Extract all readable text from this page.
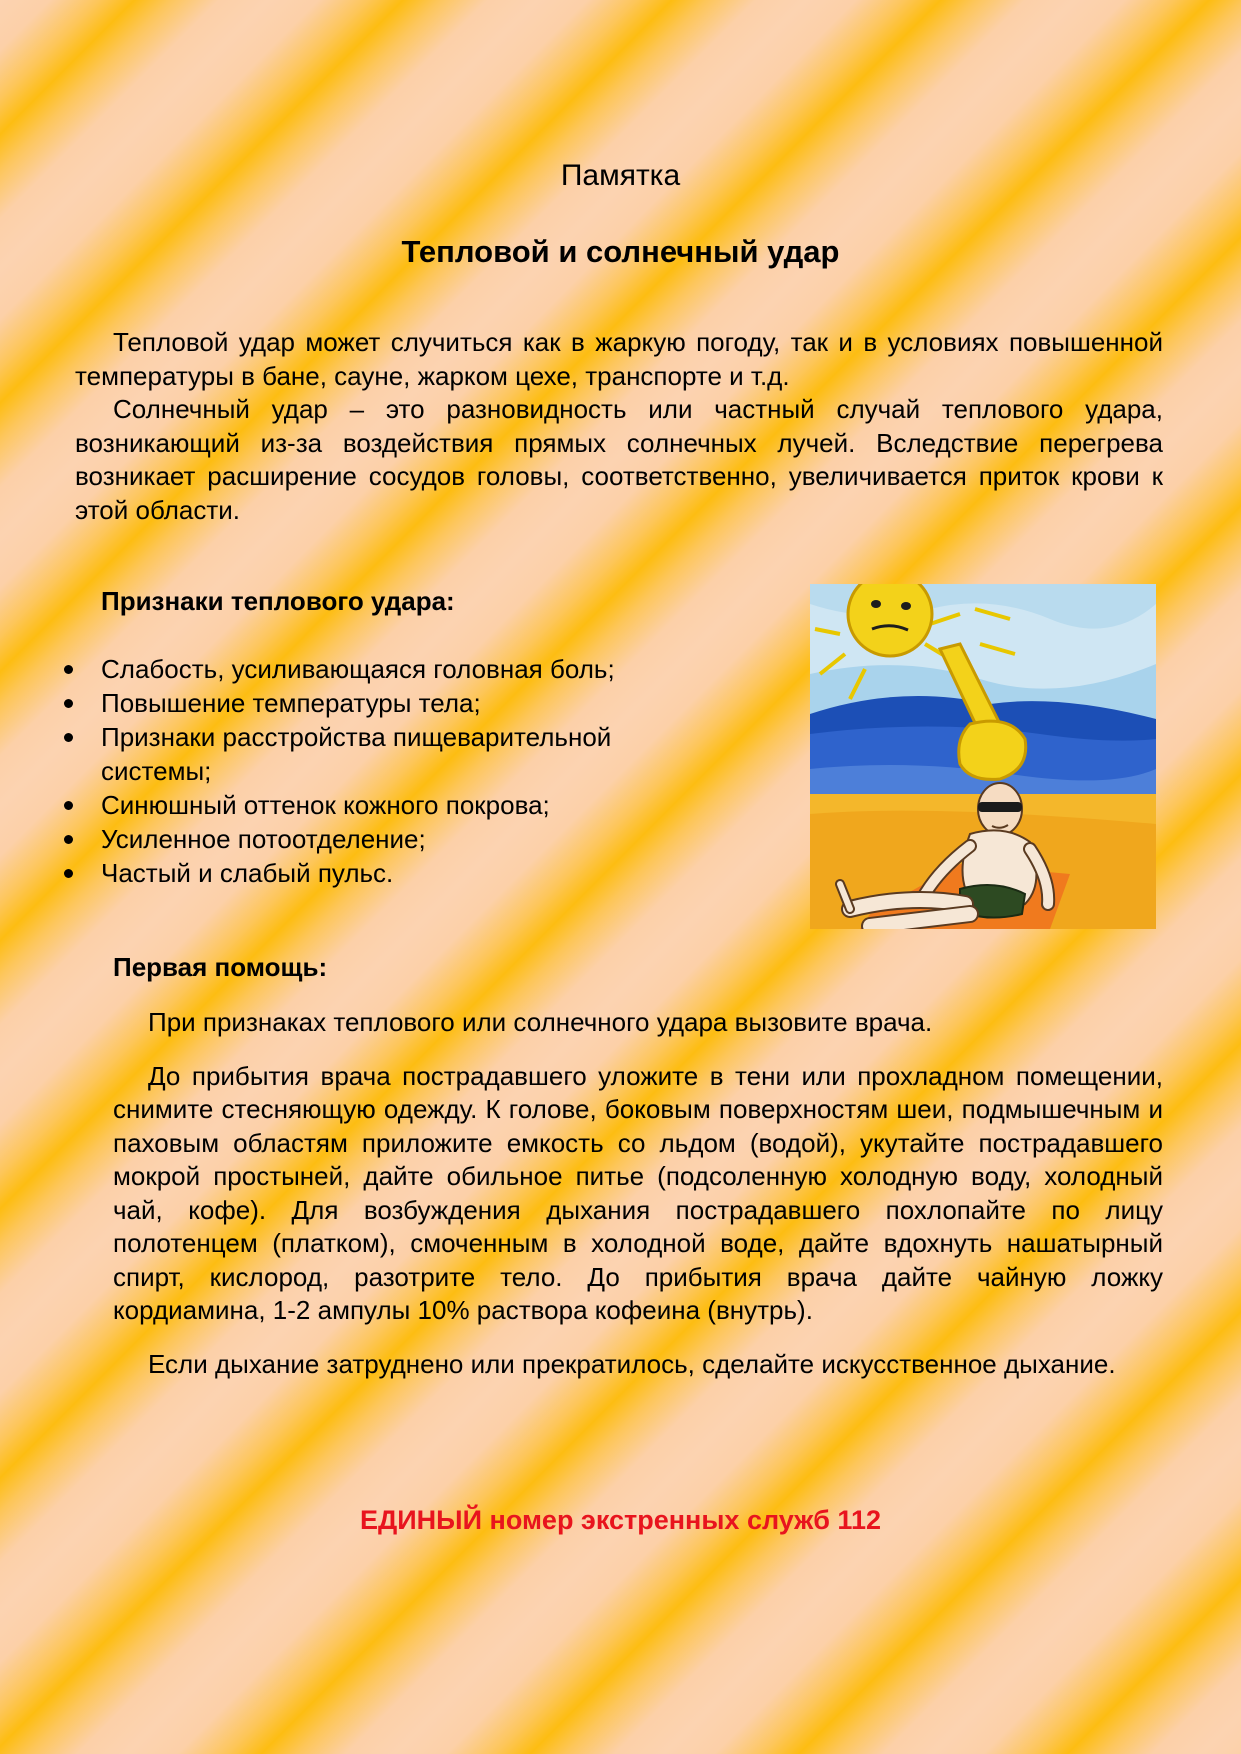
Памятка
Тепловой и солнечный удар

Тепловой удар может случиться как в жаркую погоду, так и в условиях повышенной температуры в бане, сауне, жарком цехе, транспорте и т.д.

Солнечный удар – это разновидность или частный случай теплового удара, возникающий из-за воздействия прямых солнечных лучей. Вследствие перегрева возникает расширение сосудов головы, соответственно, увеличивается приток крови к этой области.

Признаки теплового удара:
Слабость, усиливающаяся головная боль;
Повышение температуры тела;
Признаки расстройства пищеварительной системы;
Синюшный оттенок кожного покрова;
Усиленное потоотделение;
Частый и слабый пульс.
Первая помощь:

При признаках теплового или солнечного удара вызовите врача.

До прибытия врача пострадавшего уложите в тени или прохладном помещении, снимите стесняющую одежду. К голове, боковым поверхностям шеи, подмышечным и паховым областям приложите емкость со льдом (водой), укутайте пострадавшего мокрой простыней, дайте обильное питье (подсоленную холодную воду, холодный чай, кофе). Для возбуждения дыхания пострадавшего похлопайте по лицу полотенцем (платком), смоченным в холодной воде, дайте вдохнуть нашатырный спирт, кислород, разотрите тело. До прибытия врача дайте чайную ложку кордиамина, 1-2 ампулы 10% раствора кофеина (внутрь).

Если дыхание затруднено или прекратилось, сделайте искусственное дыхание.

ЕДИНЫЙ номер экстренных служб 112
